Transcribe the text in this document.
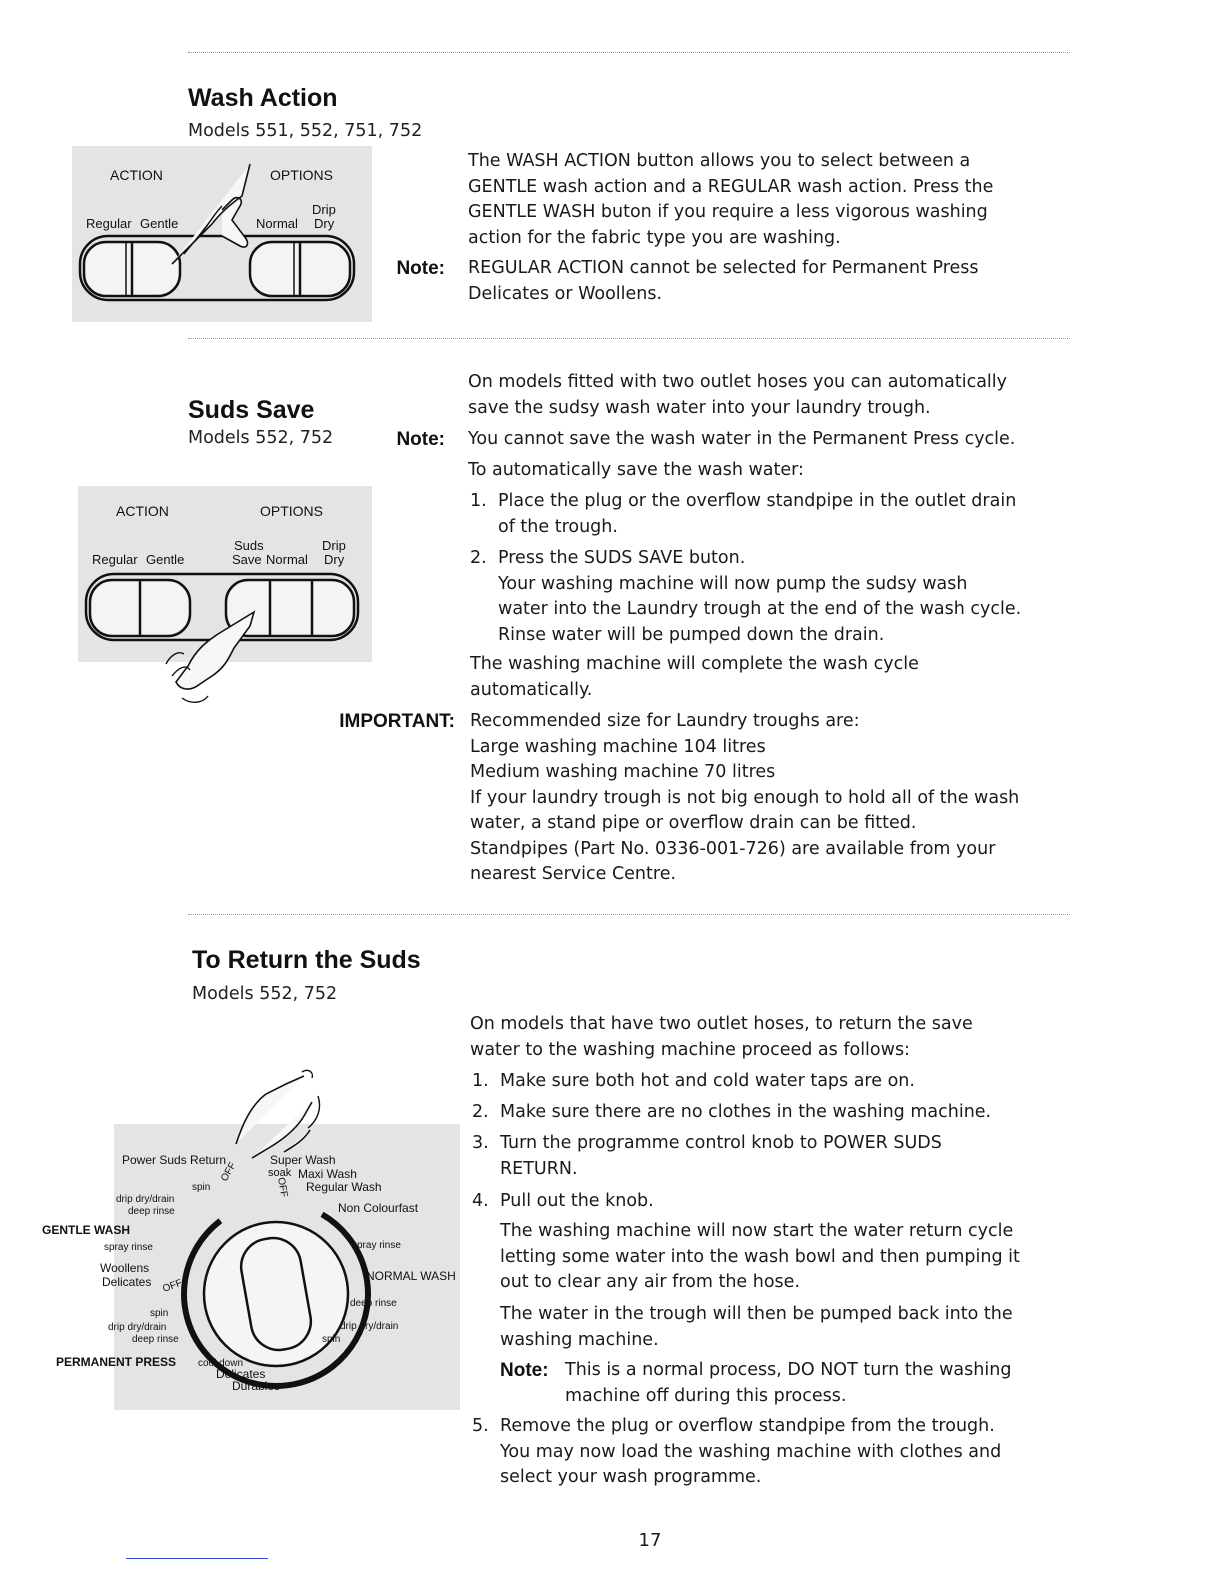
Wash Action
Models 551, 552, 751, 752
ACTION	OPTIONS
Regular Gentle	Normal
Drip
Dry
The WASH ACTION button allows you to select between a
GENTLE wash action and a REGULAR wash action. Press the
GENTLE WASH buton if you require a less vigorous washing
action for the fabric type you are washing.
Note: REGULAR ACTION cannot be selected for Permanent Press
Delicates or Woollens.
Suds Save
Models 552, 752
ACTION	OPTIONS
Regular Gentle
Suds
Save Normal
Drip
Dry
On models fitted with two outlet hoses you can automatically
save the sudsy wash water into your laundry trough.
Note: You cannot save the wash water in the Permanent Press cycle.
To automatically save the wash water:
1. Place the plug or the overflow standpipe in the outlet drain
of the trough.
2. Press the SUDS SAVE buton.
Your washing machine will now pump the sudsy wash
water into the Laundry trough at the end of the wash cycle.
Rinse water will be pumped down the drain.
The washing machine will complete the wash cycle
automatically.
IMPORTANT: Recommended size for Laundry troughs are:
Large washing machine 104 litres
Medium washing machine 70 litres
If your laundry trough is not big enough to hold all of the wash
water, a stand pipe or overflow drain can be fitted.
Standpipes (Part No. 0336-001-726) are available from your
nearest Service Centre.
To Return the Suds
Models 552, 752
Power Suds Return	Super Wash
soak Maxi Wash
Regular Wash
Non Colourfast
spray rinse
NORMAL WASH
deep rinse
drip dry/drain
spin
spin
drip dry/drain
deep rinse
GENTLE WASH
spray rinse
Woollens
Delicates
spin
drip dry/drain
deep rinse
PERMANENT PRESS cool down
Delicates
Durables
OFF
OFF
OFF
On models that have two outlet hoses, to return the save
water to the washing machine proceed as follows:
1. Make sure both hot and cold water taps are on.
2. Make sure there are no clothes in the washing machine.
3. Turn the programme control knob to POWER SUDS
RETURN.
4. Pull out the knob.
The washing machine will now start the water return cycle
letting some water into the wash bowl and then pumping it
out to clear any air from the hose.
The water in the trough will then be pumped back into the
washing machine.
Note: This is a normal process, DO NOT turn the washing
machine off during this process.
5. Remove the plug or overflow standpipe from the trough.
You may now load the washing machine with clothes and
select your wash programme.
17
